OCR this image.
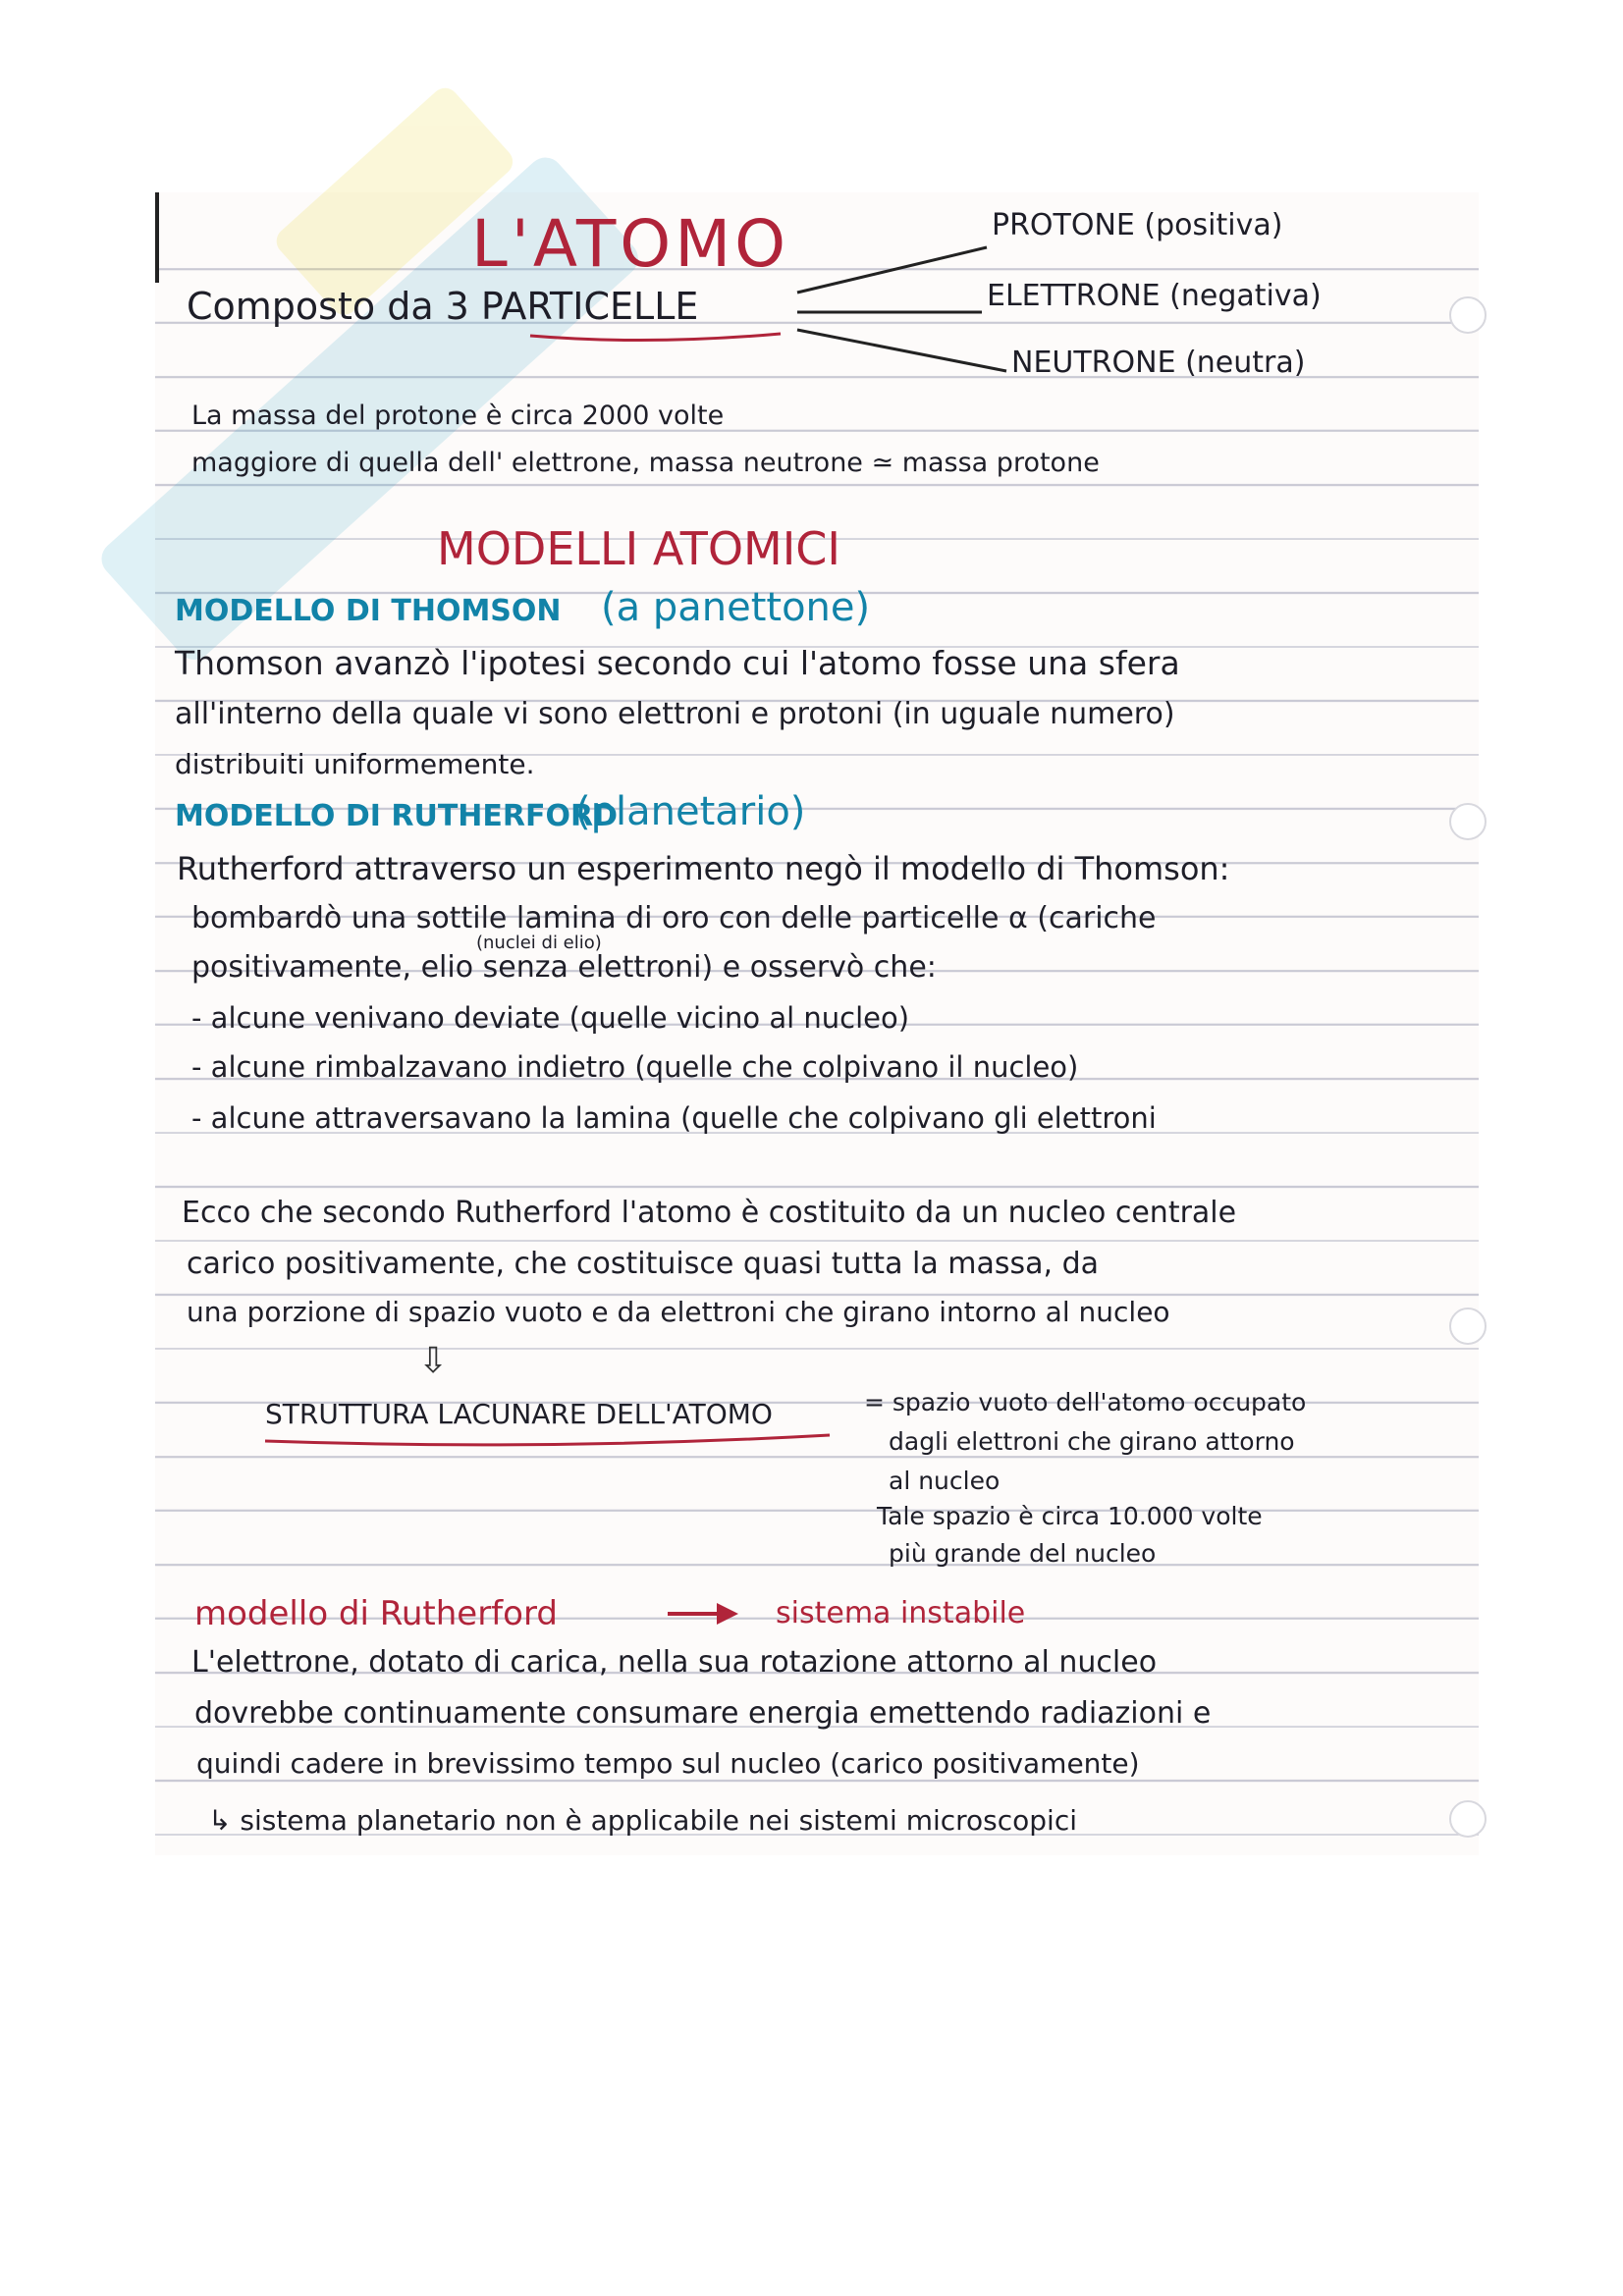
L'ATOMO
Composto da 3 PARTICELLE
PROTONE (positiva)
ELETTRONE (negativa)
NEUTRONE (neutra)
La massa del protone è circa 2000 volte
maggiore di quella dell' elettrone, massa neutrone ≃ massa protone
MODELLI ATOMICI
MODELLO DI THOMSON (a panettone)
Thomson avanzò l'ipotesi secondo cui l'atomo fosse una sfera
all'interno della quale vi sono elettroni e protoni (in uguale numero)
distribuiti uniformemente.
MODELLO DI RUTHERFORD
(planetario)
Rutherford attraverso un esperimento negò il modello di Thomson:
bombardò una sottile lamina di oro con delle particelle α (cariche
(nuclei di elio)
positivamente, elio senza elettroni) e osservò che:
- alcune venivano deviate (quelle vicino al nucleo)
- alcune rimbalzavano indietro (quelle che colpivano il nucleo)
- alcune attraversavano la lamina (quelle che colpivano gli elettroni
Ecco che secondo Rutherford l'atomo è costituito da un nucleo centrale
carico positivamente, che costituisce quasi tutta la massa, da
una porzione di spazio vuoto e da elettroni che girano intorno al nucleo
⇩
STRUTTURA LACUNARE DELL'ATOMO	= spazio vuoto dell'atomo occupato
dagli elettroni che girano attorno
al nucleo
Tale spazio è circa 10.000 volte
più grande del nucleo
modello di Rutherford	sistema instabile
L'elettrone, dotato di carica, nella sua rotazione attorno al nucleo
dovrebbe continuamente consumare energia emettendo radiazioni e
quindi cadere in brevissimo tempo sul nucleo (carico positivamente)
↳ sistema planetario non è applicabile nei sistemi microscopici
